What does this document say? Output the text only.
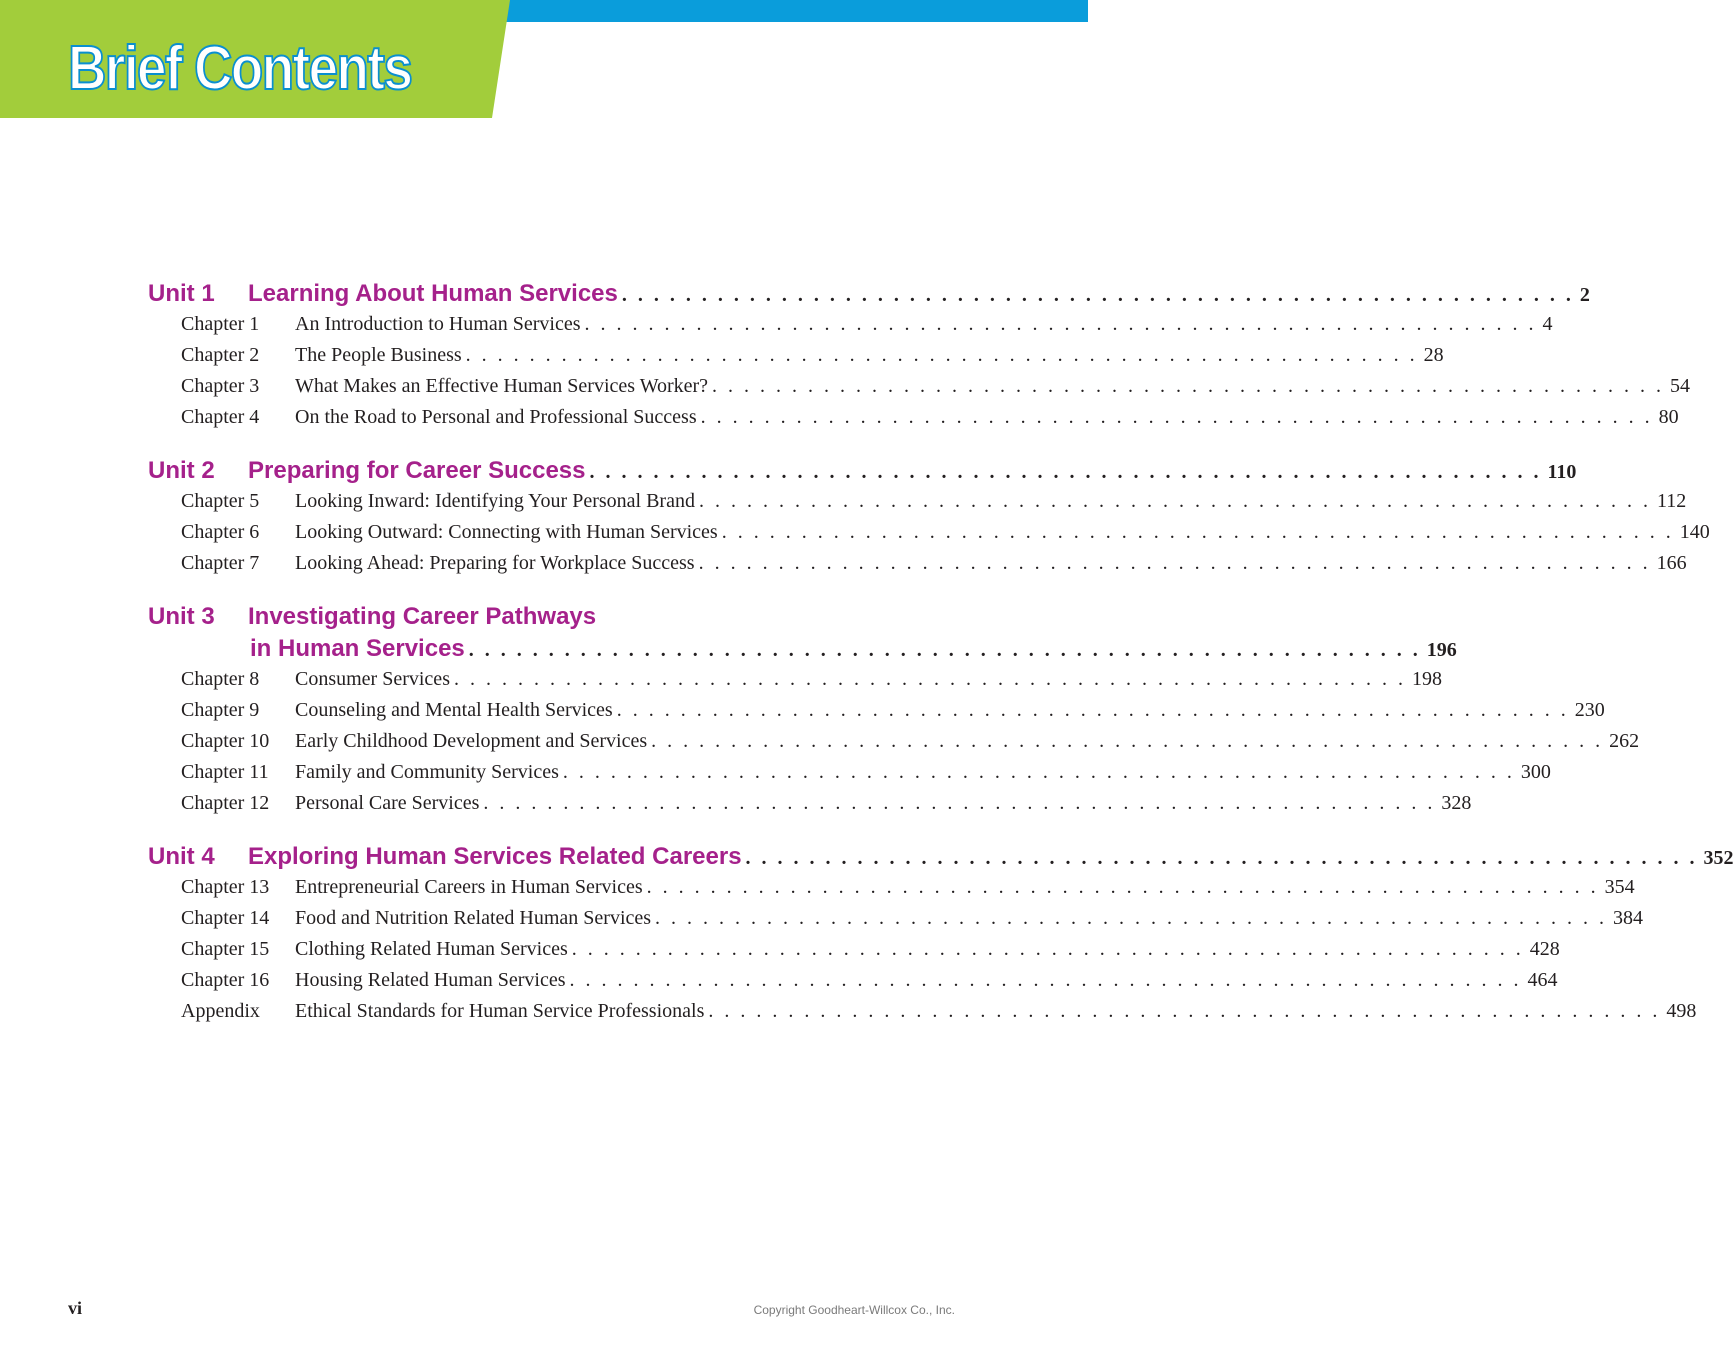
Brief Contents
Unit 1 Learning About Human Services . . . . . . . . . . . . . . . . . . . . . . . . . . . . . . . . . . . . . . . . . . . . . . . . . . . . . . . . . . . . 2
Chapter 1 An Introduction to Human Services . . . . . . . . . . . . . . . . . . . . . . . . . . . . . . . . . . . . . . . . . . . . . . . . . . . . . . . . . . . . 4
Chapter 2 The People Business . . . . . . . . . . . . . . . . . . . . . . . . . . . . . . . . . . . . . . . . . . . . . . . . . . . . . . . . . . . . 28
Chapter 3 What Makes an Effective Human Services Worker? . . . . . . . . . . . . . . . . . . . . . . . . . . . . . . . . . . . . . . . . . . . . . . . . . . . . . . . . . . . . 54
Chapter 4 On the Road to Personal and Professional Success . . . . . . . . . . . . . . . . . . . . . . . . . . . . . . . . . . . . . . . . . . . . . . . . . . . . . . . . . . . . 80
Unit 2 Preparing for Career Success . . . . . . . . . . . . . . . . . . . . . . . . . . . . . . . . . . . . . . . . . . . . . . . . . . . . . . . . . . . . 110
Chapter 5 Looking Inward: Identifying Your Personal Brand . . . . . . . . . . . . . . . . . . . . . . . . . . . . . . . . . . . . . . . . . . . . . . . . . . . . . . . . . . . . 112
Chapter 6 Looking Outward: Connecting with Human Services . . . . . . . . . . . . . . . . . . . . . . . . . . . . . . . . . . . . . . . . . . . . . . . . . . . . . . . . . . . . 140
Chapter 7 Looking Ahead: Preparing for Workplace Success . . . . . . . . . . . . . . . . . . . . . . . . . . . . . . . . . . . . . . . . . . . . . . . . . . . . . . . . . . . . 166
Unit 3 Investigating Career Pathways
in Human Services . . . . . . . . . . . . . . . . . . . . . . . . . . . . . . . . . . . . . . . . . . . . . . . . . . . . . . . . . . . . 196
Chapter 8 Consumer Services . . . . . . . . . . . . . . . . . . . . . . . . . . . . . . . . . . . . . . . . . . . . . . . . . . . . . . . . . . . . 198
Chapter 9 Counseling and Mental Health Services . . . . . . . . . . . . . . . . . . . . . . . . . . . . . . . . . . . . . . . . . . . . . . . . . . . . . . . . . . . . 230
Chapter 10 Early Childhood Development and Services . . . . . . . . . . . . . . . . . . . . . . . . . . . . . . . . . . . . . . . . . . . . . . . . . . . . . . . . . . . . 262
Chapter 11 Family and Community Services . . . . . . . . . . . . . . . . . . . . . . . . . . . . . . . . . . . . . . . . . . . . . . . . . . . . . . . . . . . . 300
Chapter 12 Personal Care Services . . . . . . . . . . . . . . . . . . . . . . . . . . . . . . . . . . . . . . . . . . . . . . . . . . . . . . . . . . . . 328
Unit 4 Exploring Human Services Related Careers . . . . . . . . . . . . . . . . . . . . . . . . . . . . . . . . . . . . . . . . . . . . . . . . . . . . . . . . . . . . 352
Chapter 13 Entrepreneurial Careers in Human Services . . . . . . . . . . . . . . . . . . . . . . . . . . . . . . . . . . . . . . . . . . . . . . . . . . . . . . . . . . . . 354
Chapter 14 Food and Nutrition Related Human Services . . . . . . . . . . . . . . . . . . . . . . . . . . . . . . . . . . . . . . . . . . . . . . . . . . . . . . . . . . . . 384
Chapter 15 Clothing Related Human Services . . . . . . . . . . . . . . . . . . . . . . . . . . . . . . . . . . . . . . . . . . . . . . . . . . . . . . . . . . . . 428
Chapter 16 Housing Related Human Services . . . . . . . . . . . . . . . . . . . . . . . . . . . . . . . . . . . . . . . . . . . . . . . . . . . . . . . . . . . . 464
Appendix Ethical Standards for Human Service Professionals . . . . . . . . . . . . . . . . . . . . . . . . . . . . . . . . . . . . . . . . . . . . . . . . . . . . . . . . . . . . 498
vi	Copyright Goodheart-Willcox Co., Inc.
